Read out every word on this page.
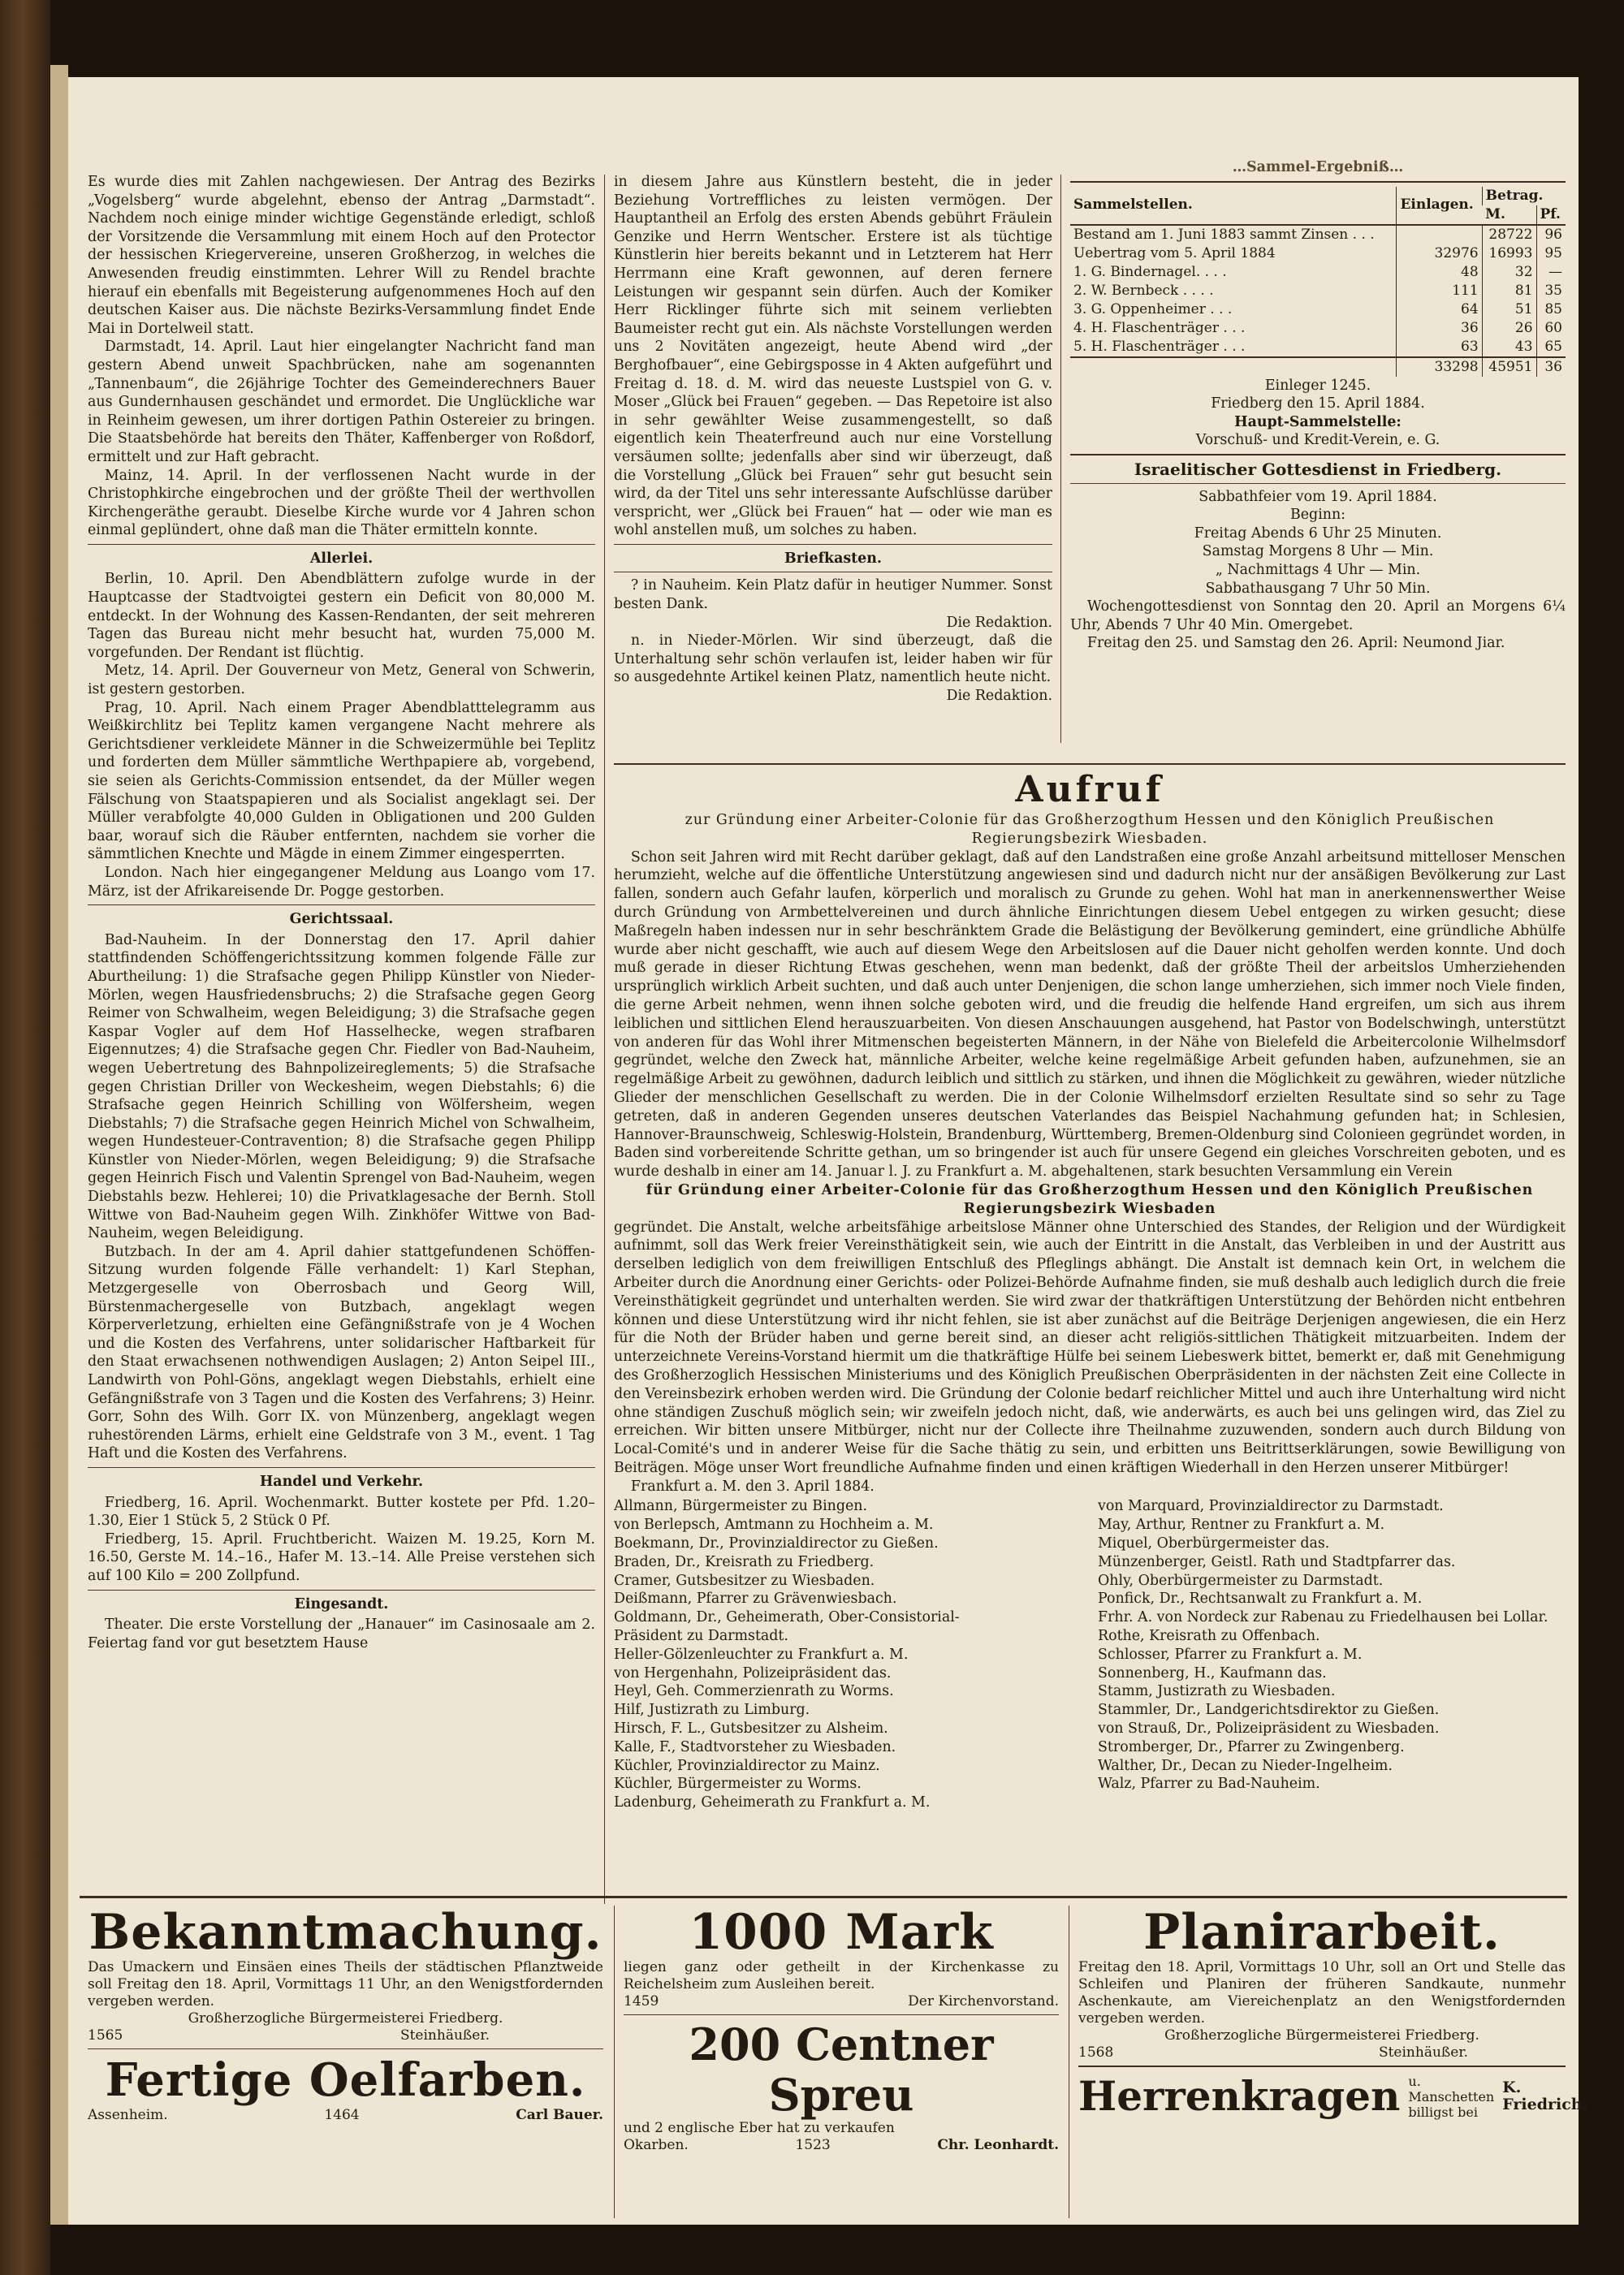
Es wurde dies mit Zahlen nachgewiesen. Der Antrag des Bezirks „Vogelsberg“ wurde abgelehnt, ebenso der Antrag „Darmstadt“. Nachdem noch einige minder wichtige Gegenstände erledigt, schloß der Vorsitzende die Versammlung mit einem Hoch auf den Protector der hessischen Kriegervereine, unseren Großherzog, in welches die Anwesenden freudig einstimmten. Lehrer Will zu Rendel brachte hierauf ein ebenfalls mit Begeisterung aufgenommenes Hoch auf den deutschen Kaiser aus. Die nächste Bezirks-Versammlung findet Ende Mai in Dortelweil statt.

Darmstadt, 14. April. Laut hier eingelangter Nachricht fand man gestern Abend unweit Spachbrücken, nahe am sogenannten „Tannenbaum“, die 26jährige Tochter des Gemeinderechners Bauer aus Gundernhausen geschändet und ermordet. Die Unglückliche war in Reinheim gewesen, um ihrer dortigen Pathin Ostereier zu bringen. Die Staatsbehörde hat bereits den Thäter, Kaffenberger von Roßdorf, ermittelt und zur Haft gebracht.

Mainz, 14. April. In der verflossenen Nacht wurde in der Christophkirche eingebrochen und der größte Theil der werthvollen Kirchengeräthe geraubt. Dieselbe Kirche wurde vor 4 Jahren schon einmal geplündert, ohne daß man die Thäter ermitteln konnte.

Allerlei.

Berlin, 10. April. Den Abendblättern zufolge wurde in der Hauptcasse der Stadtvoigtei gestern ein Deficit von 80,000 M. entdeckt. In der Wohnung des Kassen-Rendanten, der seit mehreren Tagen das Bureau nicht mehr besucht hat, wurden 75,000 M. vorgefunden. Der Rendant ist flüchtig.

Metz, 14. April. Der Gouverneur von Metz, General von Schwerin, ist gestern gestorben.

Prag, 10. April. Nach einem Prager Abendblatttelegramm aus Weißkirchlitz bei Teplitz kamen vergangene Nacht mehrere als Gerichtsdiener verkleidete Männer in die Schweizermühle bei Teplitz und forderten dem Müller sämmtliche Werthpapiere ab, vorgebend, sie seien als Gerichts-Commission entsendet, da der Müller wegen Fälschung von Staatspapieren und als Socialist angeklagt sei. Der Müller verabfolgte 40,000 Gulden in Obligationen und 200 Gulden baar, worauf sich die Räuber entfernten, nachdem sie vorher die sämmtlichen Knechte und Mägde in einem Zimmer eingesperrten.

London. Nach hier eingegangener Meldung aus Loango vom 17. März, ist der Afrikareisende Dr. Pogge gestorben.

Gerichtssaal.

Bad-Nauheim. In der Donnerstag den 17. April dahier stattfindenden Schöffengerichtssitzung kommen folgende Fälle zur Aburtheilung: 1) die Strafsache gegen Philipp Künstler von Nieder-Mörlen, wegen Hausfriedensbruchs; 2) die Strafsache gegen Georg Reimer von Schwalheim, wegen Beleidigung; 3) die Strafsache gegen Kaspar Vogler auf dem Hof Hasselhecke, wegen strafbaren Eigennutzes; 4) die Strafsache gegen Chr. Fiedler von Bad-Nauheim, wegen Uebertretung des Bahnpolizeireglements; 5) die Strafsache gegen Christian Driller von Weckesheim, wegen Diebstahls; 6) die Strafsache gegen Heinrich Schilling von Wölfersheim, wegen Diebstahls; 7) die Strafsache gegen Heinrich Michel von Schwalheim, wegen Hundesteuer-Contravention; 8) die Strafsache gegen Philipp Künstler von Nieder-Mörlen, wegen Beleidigung; 9) die Strafsache gegen Heinrich Fisch und Valentin Sprengel von Bad-Nauheim, wegen Diebstahls bezw. Hehlerei; 10) die Privatklagesache der Bernh. Stoll Wittwe von Bad-Nauheim gegen Wilh. Zinkhöfer Wittwe von Bad-Nauheim, wegen Beleidigung.

Butzbach. In der am 4. April dahier stattgefundenen Schöffen-Sitzung wurden folgende Fälle verhandelt: 1) Karl Stephan, Metzgergeselle von Oberrosbach und Georg Will, Bürstenmachergeselle von Butzbach, angeklagt wegen Körperverletzung, erhielten eine Gefängnißstrafe von je 4 Wochen und die Kosten des Verfahrens, unter solidarischer Haftbarkeit für den Staat erwachsenen nothwendigen Auslagen; 2) Anton Seipel III., Landwirth von Pohl-Göns, angeklagt wegen Diebstahls, erhielt eine Gefängnißstrafe von 3 Tagen und die Kosten des Verfahrens; 3) Heinr. Gorr, Sohn des Wilh. Gorr IX. von Münzenberg, angeklagt wegen ruhestörenden Lärms, erhielt eine Geldstrafe von 3 M., event. 1 Tag Haft und die Kosten des Verfahrens.

Handel und Verkehr.

Friedberg, 16. April. Wochenmarkt. Butter kostete per Pfd. 1.20–1.30, Eier 1 Stück 5, 2 Stück 0 Pf.

Friedberg, 15. April. Fruchtbericht. Waizen M. 19.25, Korn M. 16.50, Gerste M. 14.–16., Hafer M. 13.–14. Alle Preise verstehen sich auf 100 Kilo = 200 Zollpfund.

Eingesandt.

Theater. Die erste Vorstellung der „Hanauer“ im Casinosaale am 2. Feiertag fand vor gut besetztem Hause

in diesem Jahre aus Künstlern besteht, die in jeder Beziehung Vortreffliches zu leisten vermögen. Der Hauptantheil an Erfolg des ersten Abends gebührt Fräulein Genzike und Herrn Wentscher. Erstere ist als tüchtige Künstlerin hier bereits bekannt und in Letzterem hat Herr Herrmann eine Kraft gewonnen, auf deren fernere Leistungen wir gespannt sein dürfen. Auch der Komiker Herr Ricklinger führte sich mit seinem verliebten Baumeister recht gut ein. Als nächste Vorstellungen werden uns 2 Novitäten angezeigt, heute Abend wird „der Berghofbauer“, eine Gebirgsposse in 4 Akten aufgeführt und Freitag d. 18. d. M. wird das neueste Lustspiel von G. v. Moser „Glück bei Frauen“ gegeben. — Das Repetoire ist also in sehr gewählter Weise zusammengestellt, so daß eigentlich kein Theaterfreund auch nur eine Vorstellung versäumen sollte; jedenfalls aber sind wir überzeugt, daß die Vorstellung „Glück bei Frauen“ sehr gut besucht sein wird, da der Titel uns sehr interessante Aufschlüsse darüber verspricht, wer „Glück bei Frauen“ hat — oder wie man es wohl anstellen muß, um solches zu haben.

Briefkasten.

? in Nauheim. Kein Platz dafür in heutiger Nummer. Sonst besten Dank.

Die Redaktion.

n. in Nieder-Mörlen. Wir sind überzeugt, daß die Unterhaltung sehr schön verlaufen ist, leider haben wir für so ausgedehnte Artikel keinen Platz, namentlich heute nicht.

Die Redaktion.
…Sammel-Ergebniß…
Sammelstellen.	Einlagen.	Betrag.	
		M.	Pf.
Bestand am 1. Juni 1883 sammt Zinsen . . .		28722	96
Uebertrag vom 5. April 1884	32976	16993	95
1. G. Bindernagel. . . .	48	32	—
2. W. Bernbeck . . . .	111	81	35
3. G. Oppenheimer . . .	64	51	85
4. H. Flaschenträger . . .	36	26	60
5. H. Flaschenträger . . .	63	43	65
	33298	45951	36
Einleger 1245.
Friedberg den 15. April 1884.
Haupt-Sammelstelle:
Vorschuß- und Kredit-Verein, e. G.
Israelitischer Gottesdienst in Friedberg.
Sabbathfeier vom 19. April 1884.
Beginn:
Freitag Abends 6 Uhr 25 Minuten.
Samstag Morgens 8 Uhr — Min.
„ Nachmittags 4 Uhr — Min.
Sabbathausgang 7 Uhr 50 Min.

Wochengottesdienst von Sonntag den 20. April an Morgens 6¼ Uhr, Abends 7 Uhr 40 Min. Omergebet.

Freitag den 25. und Samstag den 26. April: Neumond Jiar.

Aufruf
zur Gründung einer Arbeiter-Colonie für das Großherzogthum Hessen und den Königlich Preußischen Regierungsbezirk Wiesbaden.

Schon seit Jahren wird mit Recht darüber geklagt, daß auf den Landstraßen eine große Anzahl arbeitsund mittelloser Menschen herumzieht, welche auf die öffentliche Unterstützung angewiesen sind und dadurch nicht nur der ansäßigen Bevölkerung zur Last fallen, sondern auch Gefahr laufen, körperlich und moralisch zu Grunde zu gehen. Wohl hat man in anerkennenswerther Weise durch Gründung von Armbettelvereinen und durch ähnliche Einrichtungen diesem Uebel entgegen zu wirken gesucht; diese Maßregeln haben indessen nur in sehr beschränktem Grade die Belästigung der Bevölkerung gemindert, eine gründliche Abhülfe wurde aber nicht geschafft, wie auch auf diesem Wege den Arbeitslosen auf die Dauer nicht geholfen werden konnte. Und doch muß gerade in dieser Richtung Etwas geschehen, wenn man bedenkt, daß der größte Theil der arbeitslos Umherziehenden ursprünglich wirklich Arbeit suchten, und daß auch unter Denjenigen, die schon lange umherziehen, sich immer noch Viele finden, die gerne Arbeit nehmen, wenn ihnen solche geboten wird, und die freudig die helfende Hand ergreifen, um sich aus ihrem leiblichen und sittlichen Elend herauszuarbeiten. Von diesen Anschauungen ausgehend, hat Pastor von Bodelschwingh, unterstützt von anderen für das Wohl ihrer Mitmenschen begeisterten Männern, in der Nähe von Bielefeld die Arbeitercolonie Wilhelmsdorf gegründet, welche den Zweck hat, männliche Arbeiter, welche keine regelmäßige Arbeit gefunden haben, aufzunehmen, sie an regelmäßige Arbeit zu gewöhnen, dadurch leiblich und sittlich zu stärken, und ihnen die Möglichkeit zu gewähren, wieder nützliche Glieder der menschlichen Gesellschaft zu werden. Die in der Colonie Wilhelmsdorf erzielten Resultate sind so sehr zu Tage getreten, daß in anderen Gegenden unseres deutschen Vaterlandes das Beispiel Nachahmung gefunden hat; in Schlesien, Hannover-Braunschweig, Schleswig-Holstein, Brandenburg, Württemberg, Bremen-Oldenburg sind Colonieen gegründet worden, in Baden sind vorbereitende Schritte gethan, um so bringender ist auch für unsere Gegend ein gleiches Vorschreiten geboten, und es wurde deshalb in einer am 14. Januar l. J. zu Frankfurt a. M. abgehaltenen, stark besuchten Versammlung ein Verein

für Gründung einer Arbeiter-Colonie für das Großherzogthum Hessen und den Königlich Preußischen Regierungsbezirk Wiesbaden

gegründet. Die Anstalt, welche arbeitsfähige arbeitslose Männer ohne Unterschied des Standes, der Religion und der Würdigkeit aufnimmt, soll das Werk freier Vereinsthätigkeit sein, wie auch der Eintritt in die Anstalt, das Verbleiben in und der Austritt aus derselben lediglich von dem freiwilligen Entschluß des Pfleglings abhängt. Die Anstalt ist demnach kein Ort, in welchem die Arbeiter durch die Anordnung einer Gerichts- oder Polizei-Behörde Aufnahme finden, sie muß deshalb auch lediglich durch die freie Vereinsthätigkeit gegründet und unterhalten werden. Sie wird zwar der thatkräftigen Unterstützung der Behörden nicht entbehren können und diese Unterstützung wird ihr nicht fehlen, sie ist aber zunächst auf die Beiträge Derjenigen angewiesen, die ein Herz für die Noth der Brüder haben und gerne bereit sind, an dieser acht religiös-sittlichen Thätigkeit mitzuarbeiten. Indem der unterzeichnete Vereins-Vorstand hiermit um die thatkräftige Hülfe bei seinem Liebeswerk bittet, bemerkt er, daß mit Genehmigung des Großherzoglich Hessischen Ministeriums und des Königlich Preußischen Oberpräsidenten in der nächsten Zeit eine Collecte in den Vereinsbezirk erhoben werden wird. Die Gründung der Colonie bedarf reichlicher Mittel und auch ihre Unterhaltung wird nicht ohne ständigen Zuschuß möglich sein; wir zweifeln jedoch nicht, daß, wie anderwärts, es auch bei uns gelingen wird, das Ziel zu erreichen. Wir bitten unsere Mitbürger, nicht nur der Collecte ihre Theilnahme zuzuwenden, sondern auch durch Bildung von Local-Comité's und in anderer Weise für die Sache thätig zu sein, und erbitten uns Beitrittserklärungen, sowie Bewilligung von Beiträgen. Möge unser Wort freundliche Aufnahme finden und einen kräftigen Wiederhall in den Herzen unserer Mitbürger!

Frankfurt a. M. den 3. April 1884.

Allmann, Bürgermeister zu Bingen.
von Berlepsch, Amtmann zu Hochheim a. M.
Boekmann, Dr., Provinzialdirector zu Gießen.
Braden, Dr., Kreisrath zu Friedberg.
Cramer, Gutsbesitzer zu Wiesbaden.
Deißmann, Pfarrer zu Grävenwiesbach.
Goldmann, Dr., Geheimerath, Ober-Consistorial-
Präsident zu Darmstadt.
Heller-Gölzenleuchter zu Frankfurt a. M.
von Hergenhahn, Polizeipräsident das.
Heyl, Geh. Commerzienrath zu Worms.
Hilf, Justizrath zu Limburg.
Hirsch, F. L., Gutsbesitzer zu Alsheim.
Kalle, F., Stadtvorsteher zu Wiesbaden.
Küchler, Provinzialdirector zu Mainz.
Küchler, Bürgermeister zu Worms.
Ladenburg, Geheimerath zu Frankfurt a. M.
von Marquard, Provinzialdirector zu Darmstadt.
May, Arthur, Rentner zu Frankfurt a. M.
Miquel, Oberbürgermeister das.
Münzenberger, Geistl. Rath und Stadtpfarrer das.
Ohly, Oberbürgermeister zu Darmstadt.
Ponfick, Dr., Rechtsanwalt zu Frankfurt a. M.
Frhr. A. von Nordeck zur Rabenau zu Friedelhausen bei Lollar.
Rothe, Kreisrath zu Offenbach.
Schlosser, Pfarrer zu Frankfurt a. M.
Sonnenberg, H., Kaufmann das.
Stamm, Justizrath zu Wiesbaden.
Stammler, Dr., Landgerichtsdirektor zu Gießen.
von Strauß, Dr., Polizeipräsident zu Wiesbaden.
Stromberger, Dr., Pfarrer zu Zwingenberg.
Walther, Dr., Decan zu Nieder-Ingelheim.
Walz, Pfarrer zu Bad-Nauheim.
Bekanntmachung.

Das Umackern und Einsäen eines Theils der städtischen Pflanztweide soll Freitag den 18. April, Vormittags 11 Uhr, an den Wenigstfordernden vergeben werden.

Großherzogliche Bürgermeisterei Friedberg.
1565	Steinhäußer.
Fertige Oelfarben.
Assenheim.	1464	Carl Bauer.
1000 Mark

liegen ganz oder getheilt in der Kirchenkasse zu Reichelsheim zum Ausleihen bereit.

1459	Der Kirchenvorstand.
200 Centner Spreu

und 2 englische Eber hat zu verkaufen

Okarben.	1523	Chr. Leonhardt.
Planirarbeit.

Freitag den 18. April, Vormittags 10 Uhr, soll an Ort und Stelle das Schleifen und Planiren der früheren Sandkaute, nunmehr Aschenkaute, am Viereichenplatz an den Wenigstfordernden vergeben werden.

Großherzogliche Bürgermeisterei Friedberg.
1568	Steinhäußer.
Herrenkragen u. Manschetten billigst bei
K. Friedrich.
